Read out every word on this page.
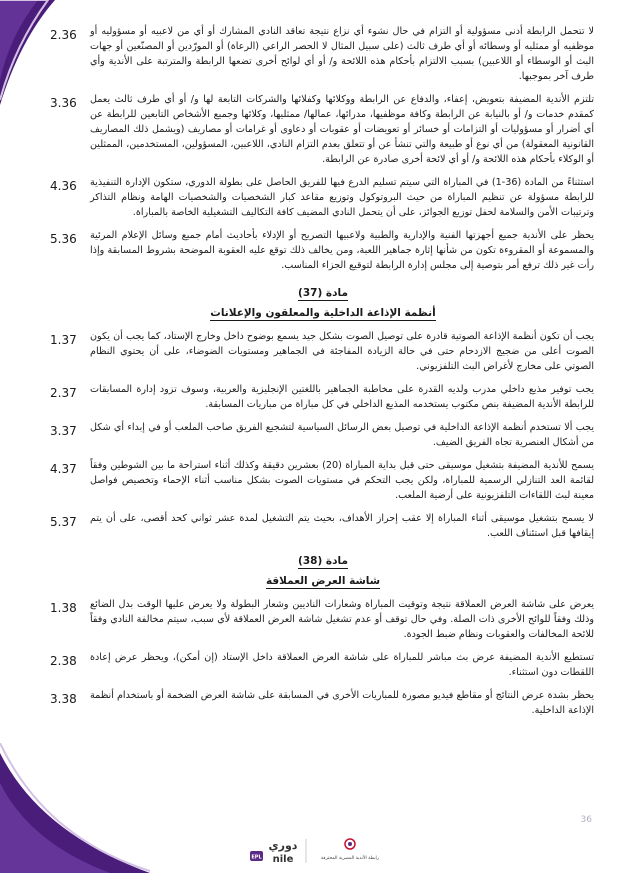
لا تتحمل الرابطة أدنى مسؤولية أو التزام في حال نشوء أي نزاع نتيجة تعاقد النادي المشارك أو أي من لاعبيه أو مسؤوليه أو موظفيه أو ممثليه أو وسطائه أو أي طرف ثالث (على سبيل المثال لا الحصر الراعي (الرعاة) أو المورّدين أو المصنّعين أو جهات البث أو الوسطاء أو اللاعبين) بسبب الالتزام بأحكام هذه اللائحة و/ أو أي لوائح أخرى تضعها الرابطة والمترتبة على الأندية وأي طرف آخر بموجبها.
2.36
تلتزم الأندية المضيفة بتعويض، إعفاء، والدفاع عن الرابطة ووكلائها وكفلائها والشركات التابعة لها و/ أو أي طرف ثالث يعمل كمقدم خدمات و/ أو بالنيابة عن الرابطة وكافة موظفيها، مدرائها، عمالها/ ممثليها، وكلائها وجميع الأشخاص التابعين للرابطة عن أي أضرار أو مسؤوليات أو التزامات أو خسائر أو تعويضات أو عقوبات أو دعاوى أو غرامات أو مصاريف (ويشمل ذلك المصاريف القانونية المعقولة) من أي نوع أو طبيعة والتي تنشأ عن أو تتعلق بعدم التزام النادي، اللاعبين، المسؤولين، المستخدمين، الممثلين أو الوكلاء بأحكام هذه اللائحة و/ أو أي لائحة أخرى صادرة عن الرابطة.
3.36
استثناءً من المادة (36-1) في المباراة التي سيتم تسليم الدرع فيها للفريق الحاصل على بطولة الدوري، ستكون الإدارة التنفيذية للرابطة مسؤولة عن تنظيم المباراة من حيث البروتوكول وتوزيع مقاعد كبار الشخصيات والشخصيات الهامة ونظام التذاكر وترتيبات الأمن والسلامة لحفل توزيع الجوائز، على أن يتحمل النادي المضيف كافة التكاليف التشغيلية الخاصة بالمباراة.
4.36
يحظر على الأندية جميع أجهزتها الفنية والإدارية والطبية ولاعبيها التصريح أو الإدلاء بأحاديث أمام جميع وسائل الإعلام المرئية والمسموعة أو المقروءة تكون من شأنها إثارة جماهير اللعبة، ومن يخالف ذلك توقع عليه العقوبة الموضحة بشروط المسابقة وإذا رأت غير ذلك ترفع أمر بتوصية إلى مجلس إدارة الرابطة لتوقيع الجزاء المناسب.
5.36
مادة (37)
أنظمة الإذاعة الداخلية والمعلقون والإعلانات
يجب أن تكون أنظمة الإذاعة الصوتية قادرة على توصيل الصوت بشكل جيد يسمع بوضوح داخل وخارج الإستاد، كما يجب أن يكون الصوت أعلى من ضجيج الازدحام حتى في حالة الزيادة المفاجئة في الجماهير ومستويات الضوضاء، على أن يحتوي النظام الصوتي على مخارج لأغراض البث التلفزيوني.
1.37
يجب توفير مذيع داخلي مدرب ولديه القدرة على مخاطبة الجماهير باللغتين الإنجليزية والعربية، وسوف تزود إدارة المسابقات للرابطة الأندية المضيفة بنص مكتوب يستخدمه المذيع الداخلي في كل مباراة من مباريات المسابقة.
2.37
يجب ألا تستخدم أنظمة الإذاعة الداخلية في توصيل بعض الرسائل السياسية لتشجيع الفريق صاحب الملعب أو في إبداء أي شكل من أشكال العنصرية تجاه الفريق الضيف.
3.37
يسمح للأندية المضيفة بتشغيل موسيقى حتى قبل بداية المباراة (20) بعشرين دقيقة وكذلك أثناء استراحة ما بين الشوطين وفقاً لقائمة العد التنازلي الرسمية للمباراة، ولكن يجب التحكم في مستويات الصوت بشكل مناسب أثناء الإحماء وتخصيص فواصل معينة لبث اللقاءات التلفزيونية على أرضية الملعب.
4.37
لا يسمح بتشغيل موسيقى أثناء المباراة إلا عقب إحراز الأهداف، بحيث يتم التشغيل لمدة عشر ثواني كحد أقصى، على أن يتم إيقافها قبل استئناف اللعب.
5.37
مادة (38)
شاشة العرض العملاقة
يعرض على شاشة العرض العملاقة نتيجة وتوقيت المباراة وشعارات الناديين وشعار البطولة ولا يعرض عليها الوقت بدل الضائع وذلك وفقاً للوائح الأخرى ذات الصلة. وفي حال توقف أو عدم تشغيل شاشة العرض العملاقة لأي سبب، سيتم مخالفة النادي وفقاً للائحة المخالفات والعقوبات ونظام ضبط الجودة.
1.38
تستطيع الأندية المضيفة عرض بث مباشر للمباراة على شاشة العرض العملاقة داخل الإستاد (إن أمكن)، ويحظر عرض إعادة اللقطات دون استثناء.
2.38
يحظر بشدة عرض النتائج أو مقاطع فيديو مصورة للمباريات الأخرى في المسابقة على شاشة العرض الضخمة أو باستخدام أنظمة الإذاعة الداخلية.
3.38
36
EPL
دوري
nile	رابطة الأندية المصرية المحترفة
